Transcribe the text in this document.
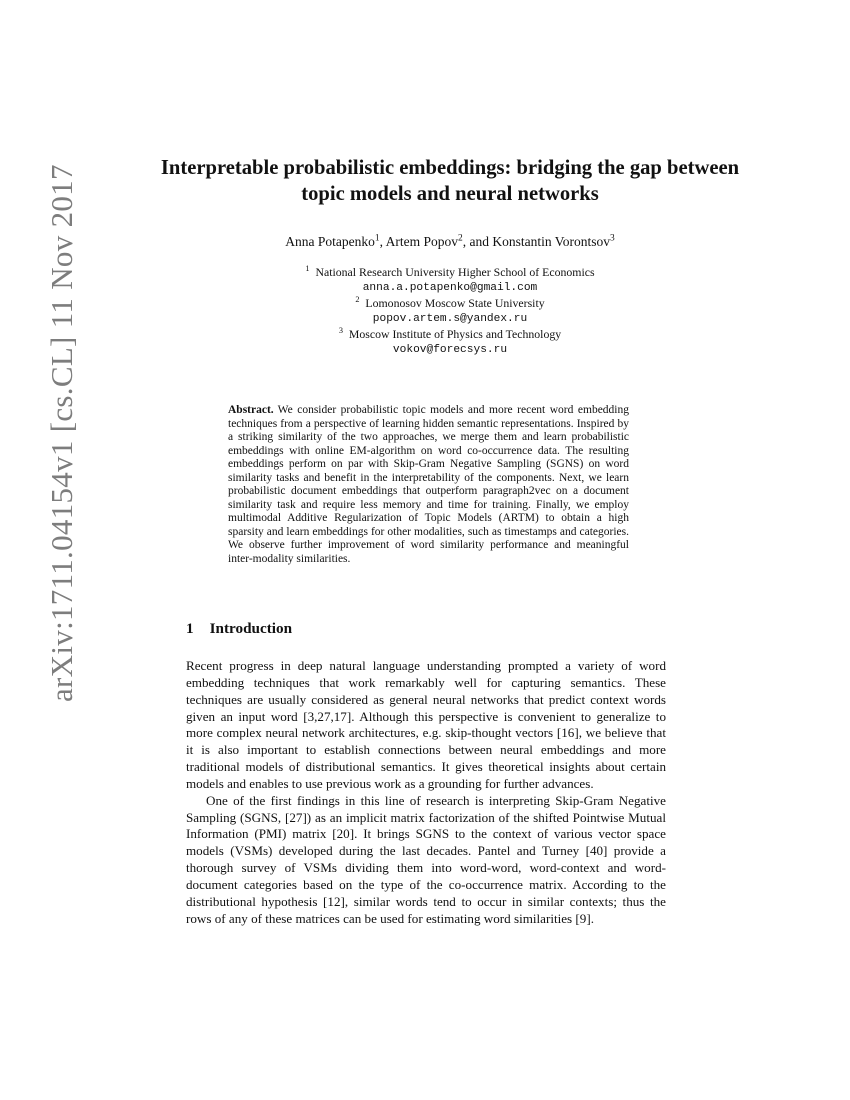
arXiv:1711.04154v1 [cs.CL] 11 Nov 2017	Interpretable probabilistic embeddings: bridging the gap between topic models and neural networks
Anna Potapenko$^1$, Artem Popov$^2$, and Konstantin Vorontsov$^3$
$^1$ National Research University Higher School of Economics
anna.a.potapenko@gmail.com
$^2$ Lomonosov Moscow State University
popov.artem.s@yandex.ru
$^3$ Moscow Institute of Physics and Technology
vokov@forecsys.ru

Abstract. We consider probabilistic topic models and more recent word embedding techniques from a perspective of learning hidden semantic representations. Inspired by a striking similarity of the two approaches, we merge them and learn probabilistic embeddings with online EM-algorithm on word co-occurrence data. The resulting embeddings perform on par with Skip-Gram Negative Sampling (SGNS) on word similarity tasks and benefit in the interpretability of the components. Next, we learn probabilistic document embeddings that outperform paragraph2vec on a document similarity task and require less memory and time for training. Finally, we employ multimodal Additive Regularization of Topic Models (ARTM) to obtain a high sparsity and learn embeddings for other modalities, such as timestamps and categories. We observe further improvement of word similarity performance and meaningful inter-modality similarities.

1 Introduction

Recent progress in deep natural language understanding prompted a variety of word embedding techniques that work remarkably well for capturing semantics. These techniques are usually considered as general neural networks that predict context words given an input word [3,27,17]. Although this perspective is convenient to generalize to more complex neural network architectures, e.g. skip-thought vectors [16], we believe that it is also important to establish connections between neural embeddings and more traditional models of distributional semantics. It gives theoretical insights about certain models and enables to use previous work as a grounding for further advances.

One of the first findings in this line of research is interpreting Skip-Gram Negative Sampling (SGNS, [27]) as an implicit matrix factorization of the shifted Pointwise Mutual Information (PMI) matrix [20]. It brings SGNS to the context of various vector space models (VSMs) developed during the last decades. Pantel and Turney [40] provide a thorough survey of VSMs dividing them into word-word, word-context and word-document categories based on the type of the co-occurrence matrix. According to the distributional hypothesis [12], similar words tend to occur in similar contexts; thus the rows of any of these matrices can be used for estimating word similarities [9].
